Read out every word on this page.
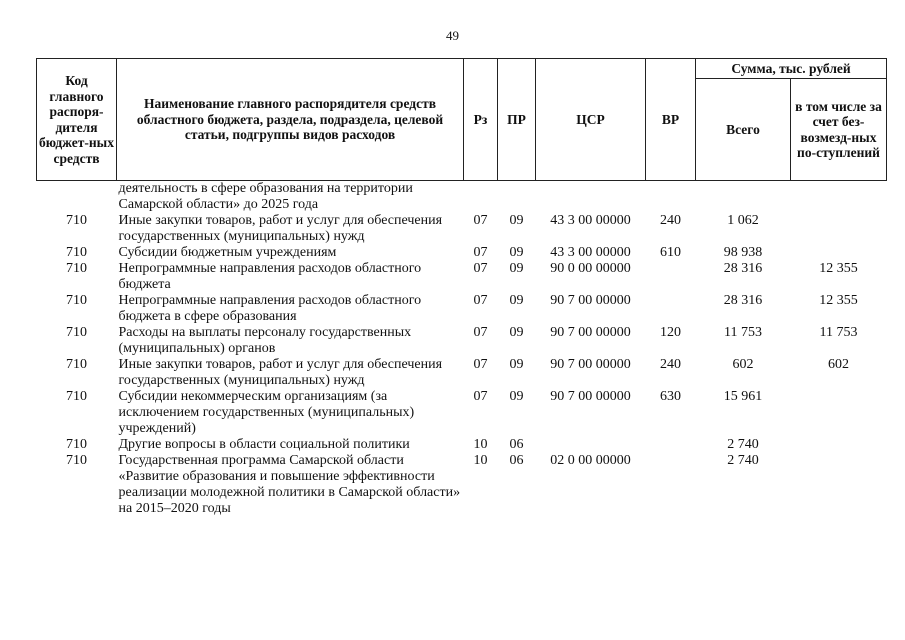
49
Код главного распоря-дителя бюджет-ных средств	Наименование главного распорядителя средств областного бюджета, раздела, подраздела, целевой статьи, подгруппы видов расходов	Рз	ПР	ЦСР	ВР	Сумма, тыс. рублей	
						Всего	в том числе за счет без-возмезд-ных по-ступлений
	деятельность в сфере образования на территории Самарской области» до 2025 года						
710	Иные закупки товаров, работ и услуг для обеспечения государственных (муниципальных) нужд	07	09	43 3 00 00000	240	1 062	
710	Субсидии бюджетным учреждениям	07	09	43 3 00 00000	610	98 938	
710	Непрограммные направления расходов областного бюджета	07	09	90 0 00 00000		28 316	12 355
710	Непрограммные направления расходов областного бюджета в сфере образования	07	09	90 7 00 00000		28 316	12 355
710	Расходы на выплаты персоналу государственных (муниципальных) органов	07	09	90 7 00 00000	120	11 753	11 753
710	Иные закупки товаров, работ и услуг для обеспечения государственных (муниципальных) нужд	07	09	90 7 00 00000	240	602	602
710	Субсидии некоммерческим организациям (за исключением государственных (муниципальных) учреждений)	07	09	90 7 00 00000	630	15 961	
710	Другие вопросы в области социальной политики	10	06			2 740	
710	Государственная программа Самарской области «Развитие образования и повышение эффективности реализации молодежной политики в Самарской области» на 2015–2020 годы	10	06	02 0 00 00000		2 740	
